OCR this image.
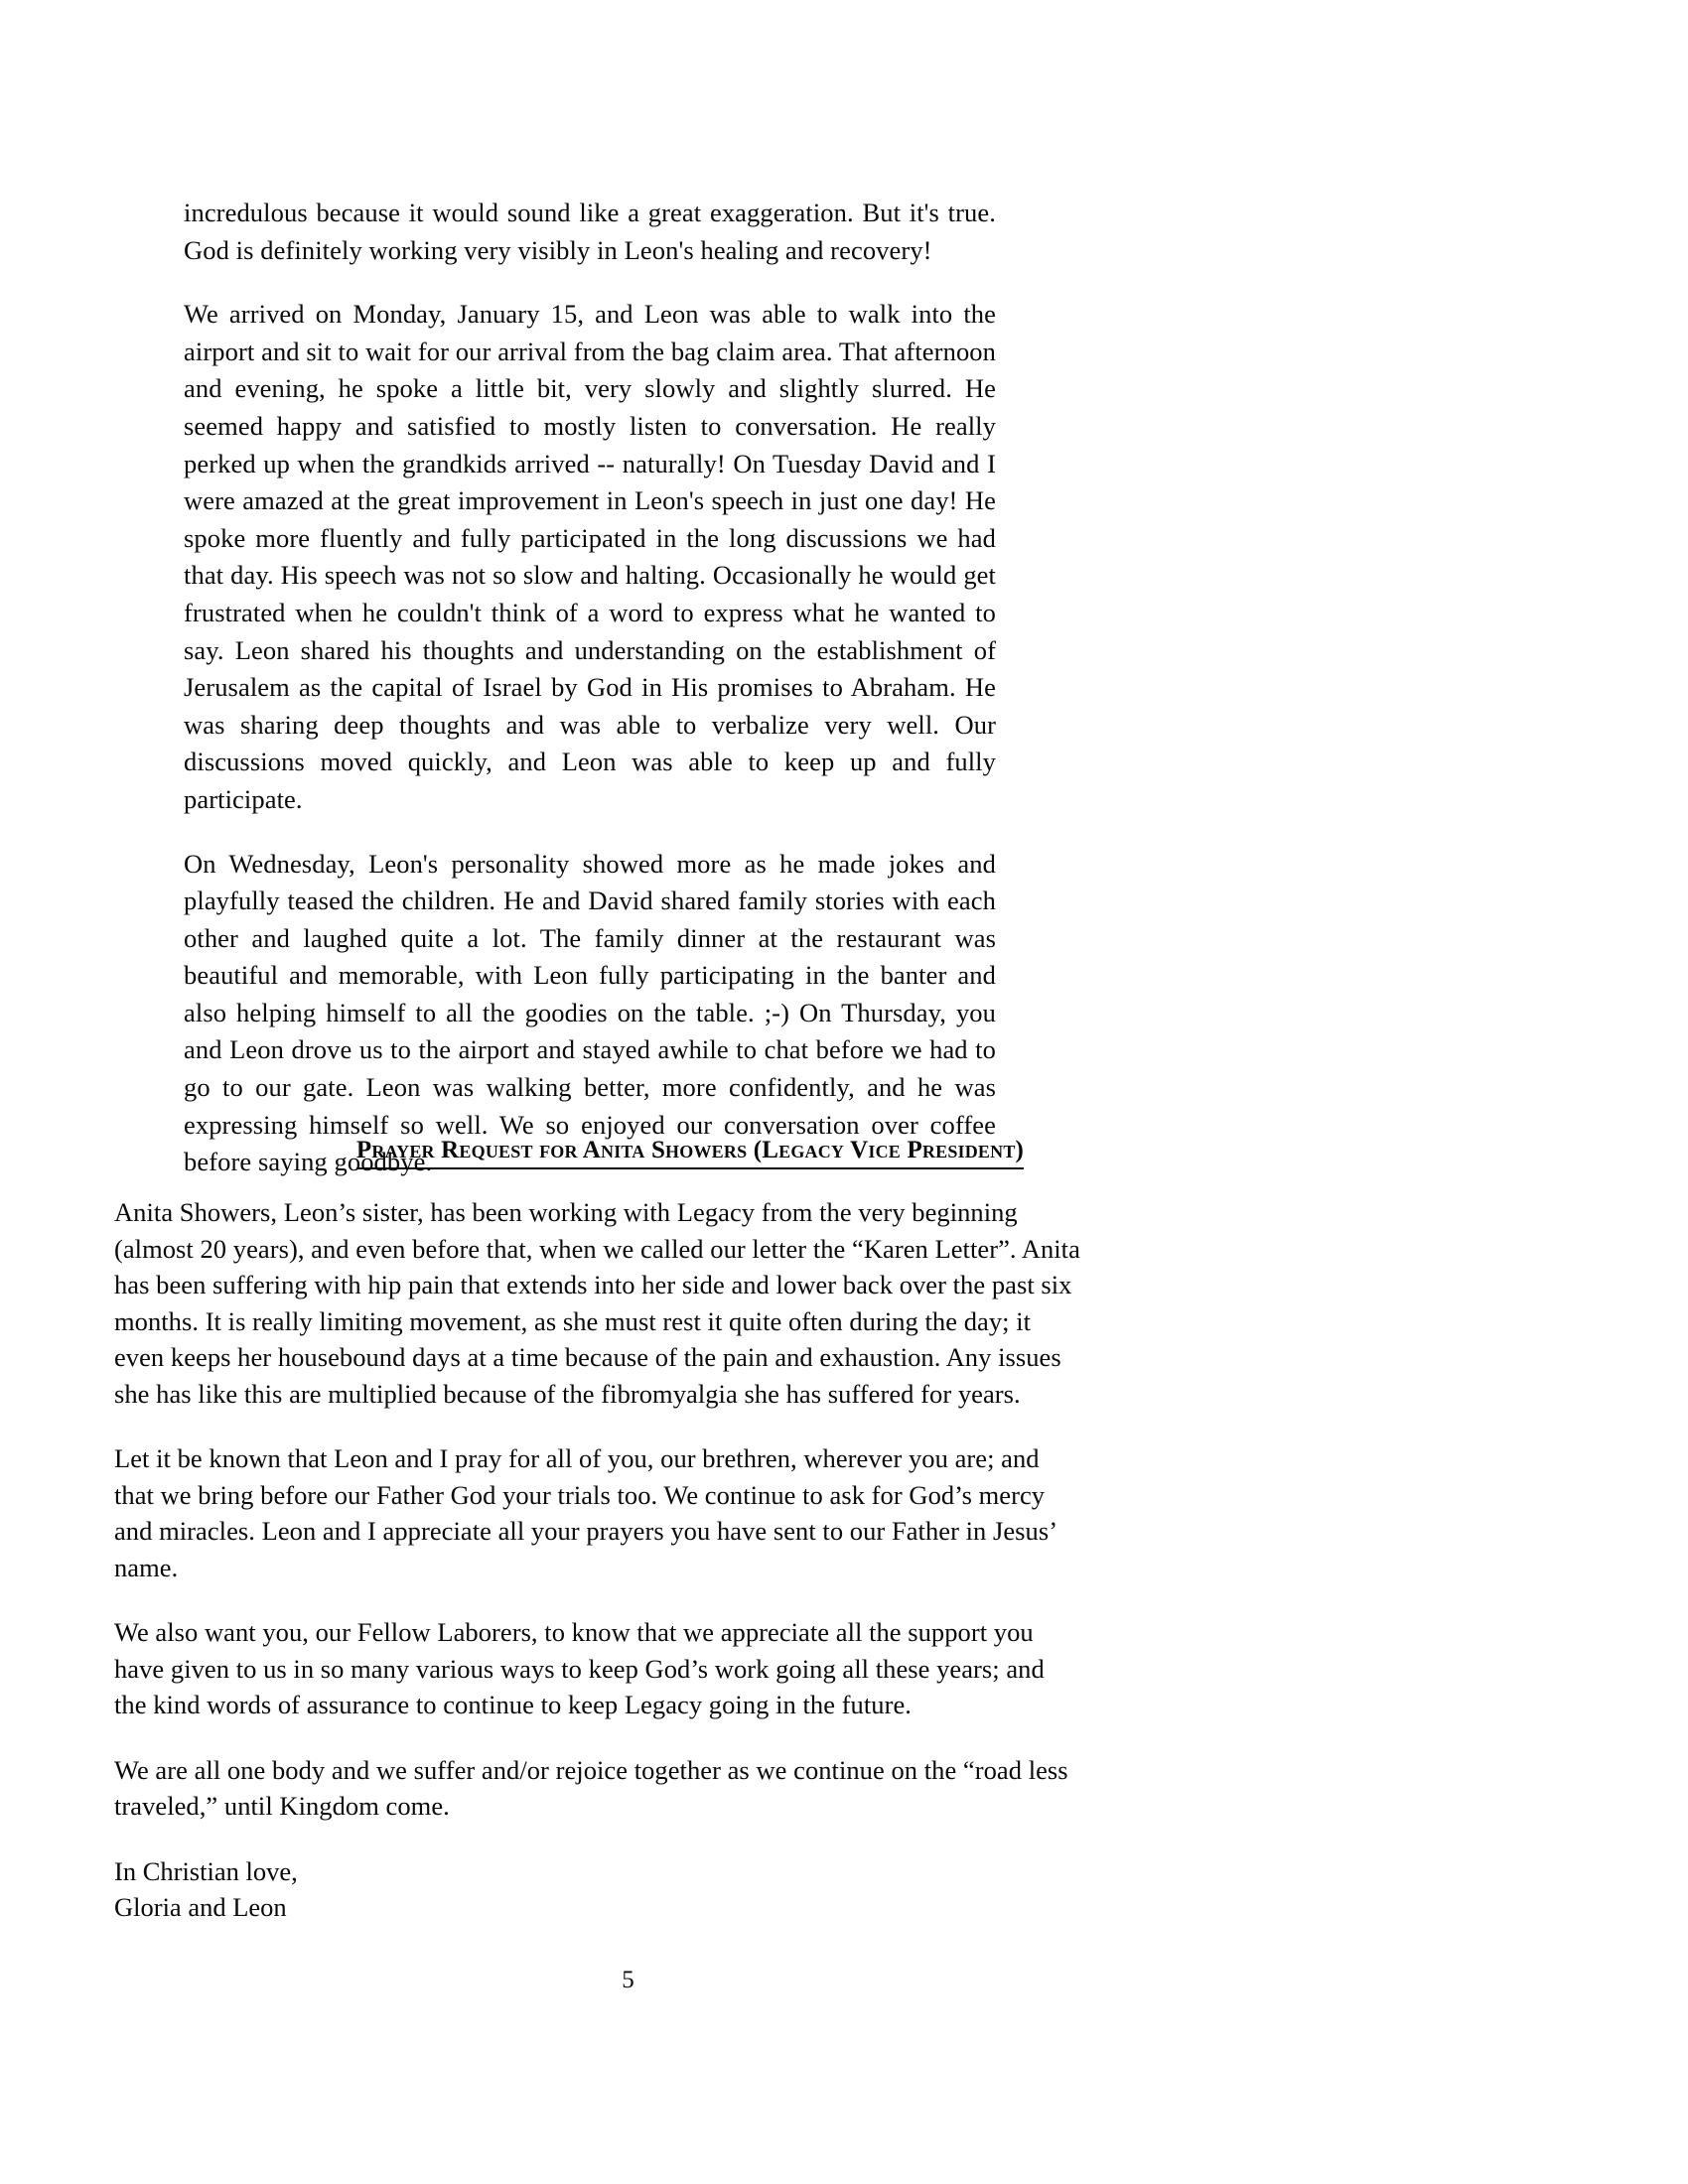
incredulous because it would sound like a great exaggeration. But it's true. God is definitely working very visibly in Leon's healing and recovery!

We arrived on Monday, January 15, and Leon was able to walk into the airport and sit to wait for our arrival from the bag claim area. That afternoon and evening, he spoke a little bit, very slowly and slightly slurred. He seemed happy and satisfied to mostly listen to conversation. He really perked up when the grandkids arrived -- naturally! On Tuesday David and I were amazed at the great improvement in Leon's speech in just one day! He spoke more fluently and fully participated in the long discussions we had that day. His speech was not so slow and halting. Occasionally he would get frustrated when he couldn't think of a word to express what he wanted to say. Leon shared his thoughts and understanding on the establishment of Jerusalem as the capital of Israel by God in His promises to Abraham. He was sharing deep thoughts and was able to verbalize very well. Our discussions moved quickly, and Leon was able to keep up and fully participate.

On Wednesday, Leon's personality showed more as he made jokes and playfully teased the children. He and David shared family stories with each other and laughed quite a lot. The family dinner at the restaurant was beautiful and memorable, with Leon fully participating in the banter and also helping himself to all the goodies on the table. ;-) On Thursday, you and Leon drove us to the airport and stayed awhile to chat before we had to go to our gate. Leon was walking better, more confidently, and he was expressing himself so well. We so enjoyed our conversation over coffee before saying goodbye.

Prayer Request for Anita Showers (Legacy Vice President)

Anita Showers, Leon’s sister, has been working with Legacy from the very beginning (almost 20 years), and even before that, when we called our letter the “Karen Letter”. Anita has been suffering with hip pain that extends into her side and lower back over the past six months. It is really limiting movement, as she must rest it quite often during the day; it even keeps her housebound days at a time because of the pain and exhaustion. Any issues she has like this are multiplied because of the fibromyalgia she has suffered for years.

Let it be known that Leon and I pray for all of you, our brethren, wherever you are; and that we bring before our Father God your trials too. We continue to ask for God’s mercy and miracles. Leon and I appreciate all your prayers you have sent to our Father in Jesus’ name.

We also want you, our Fellow Laborers, to know that we appreciate all the support you have given to us in so many various ways to keep God’s work going all these years; and the kind words of assurance to continue to keep Legacy going in the future.

We are all one body and we suffer and/or rejoice together as we continue on the “road less traveled,” until Kingdom come.

In Christian love,
Gloria and Leon
5
